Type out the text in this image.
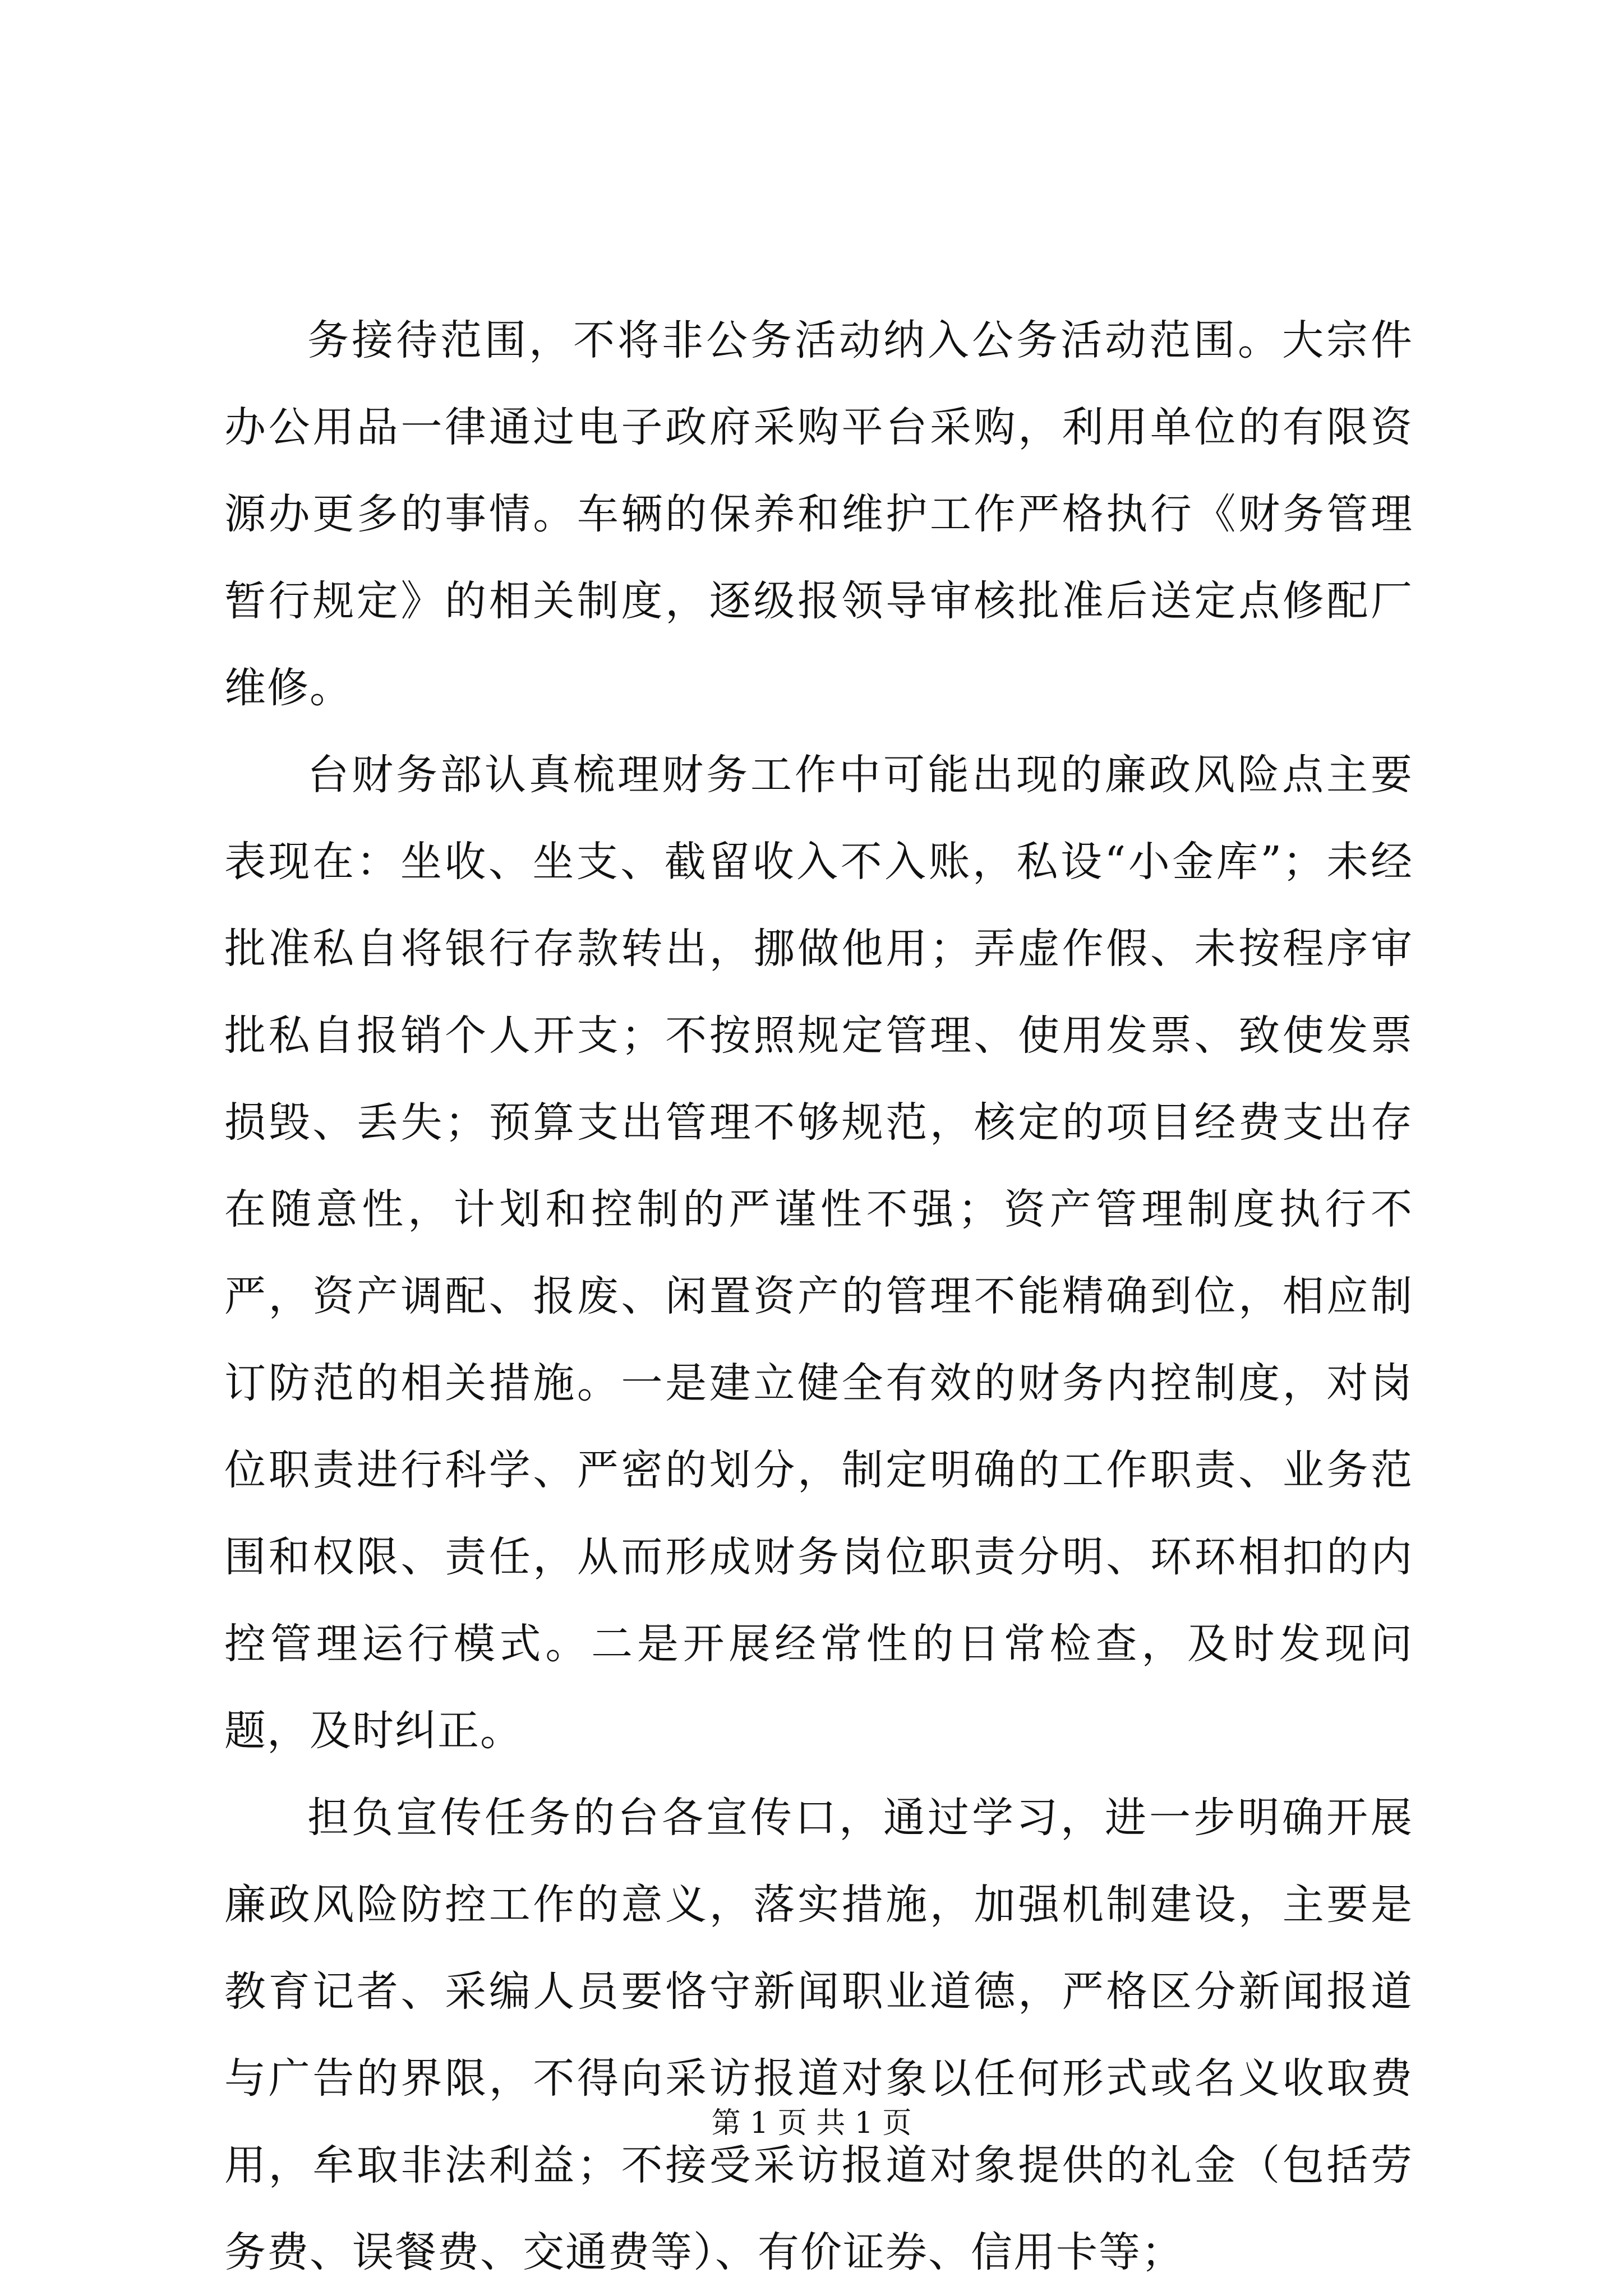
务接待范围，不将非公务活动纳入公务活动范围。大宗件办公用品一律通过电子政府采购平台采购，利用单位的有限资源办更多的事情。车辆的保养和维护工作严格执行《财务管理暂行规定》的相关制度，逐级报领导审核批准后送定点修配厂维修。

台财务部认真梳理财务工作中可能出现的廉政风险点主要表现在：坐收、坐支、截留收入不入账，私设“小金库”；未经批准私自将银行存款转出，挪做他用；弄虚作假、未按程序审批私自报销个人开支；不按照规定管理、使用发票、致使发票损毁、丢失；预算支出管理不够规范，核定的项目经费支出存在随意性，计划和控制的严谨性不强；资产管理制度执行不严，资产调配、报废、闲置资产的管理不能精确到位，相应制订防范的相关措施。一是建立健全有效的财务内控制度，对岗位职责进行科学、严密的划分，制定明确的工作职责、业务范围和权限、责任，从而形成财务岗位职责分明、环环相扣的内控管理运行模式。二是开展经常性的日常检查，及时发现问题，及时纠正。

担负宣传任务的台各宣传口，通过学习，进一步明确开展廉政风险防控工作的意义，落实措施，加强机制建设，主要是教育记者、采编人员要恪守新闻职业道德，严格区分新闻报道与广告的界限，不得向采访报道对象以任何形式或名义收取费用，牟取非法利益；不接受采访报道对象提供的礼金（包括劳务费、误餐费、交通费等）、有价证券、信用卡等；

第 1 页 共 1 页
